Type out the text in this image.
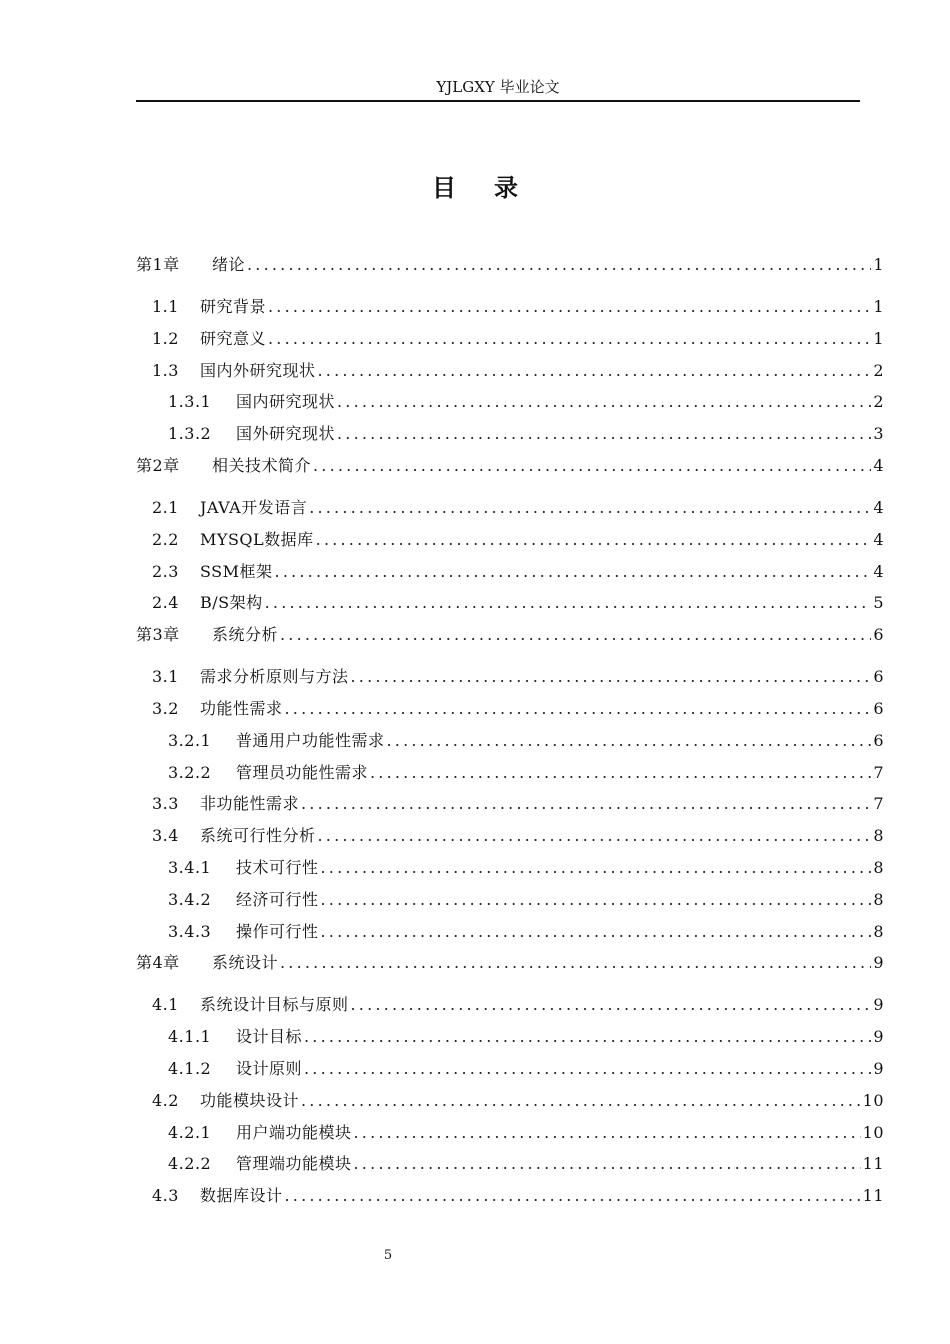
YJLGXY 毕业论文
目录
第1章	绪论 .....	1
1.1	研究背景 .....	1
1.2	研究意义 .....	1
1.3	国内外研究现状 .....	2
1.3.1	国内研究现状 .....	2
1.3.2	国外研究现状 .....	3
第2章	相关技术简介 .....	4
2.1	JAVA开发语言 .....	4
2.2	MYSQL数据库 .....	4
2.3	SSM框架 .....	4
2.4	B/S架构 .....	5
第3章	系统分析 .....	6
3.1	需求分析原则与方法 .....	6
3.2	功能性需求 .....	6
3.2.1	普通用户功能性需求 .....	6
3.2.2	管理员功能性需求 .....	7
3.3	非功能性需求 .....	7
3.4	系统可行性分析 .....	8
3.4.1	技术可行性 .....	8
3.4.2	经济可行性 .....	8
3.4.3	操作可行性 .....	8
第4章	系统设计 .....	9
4.1	系统设计目标与原则 .....	9
4.1.1	设计目标 .....	9
4.1.2	设计原则 .....	9
4.2	功能模块设计 .....	10
4.2.1	用户端功能模块 .....	10
4.2.2	管理端功能模块 .....	11
4.3	数据库设计 .....	11
5
